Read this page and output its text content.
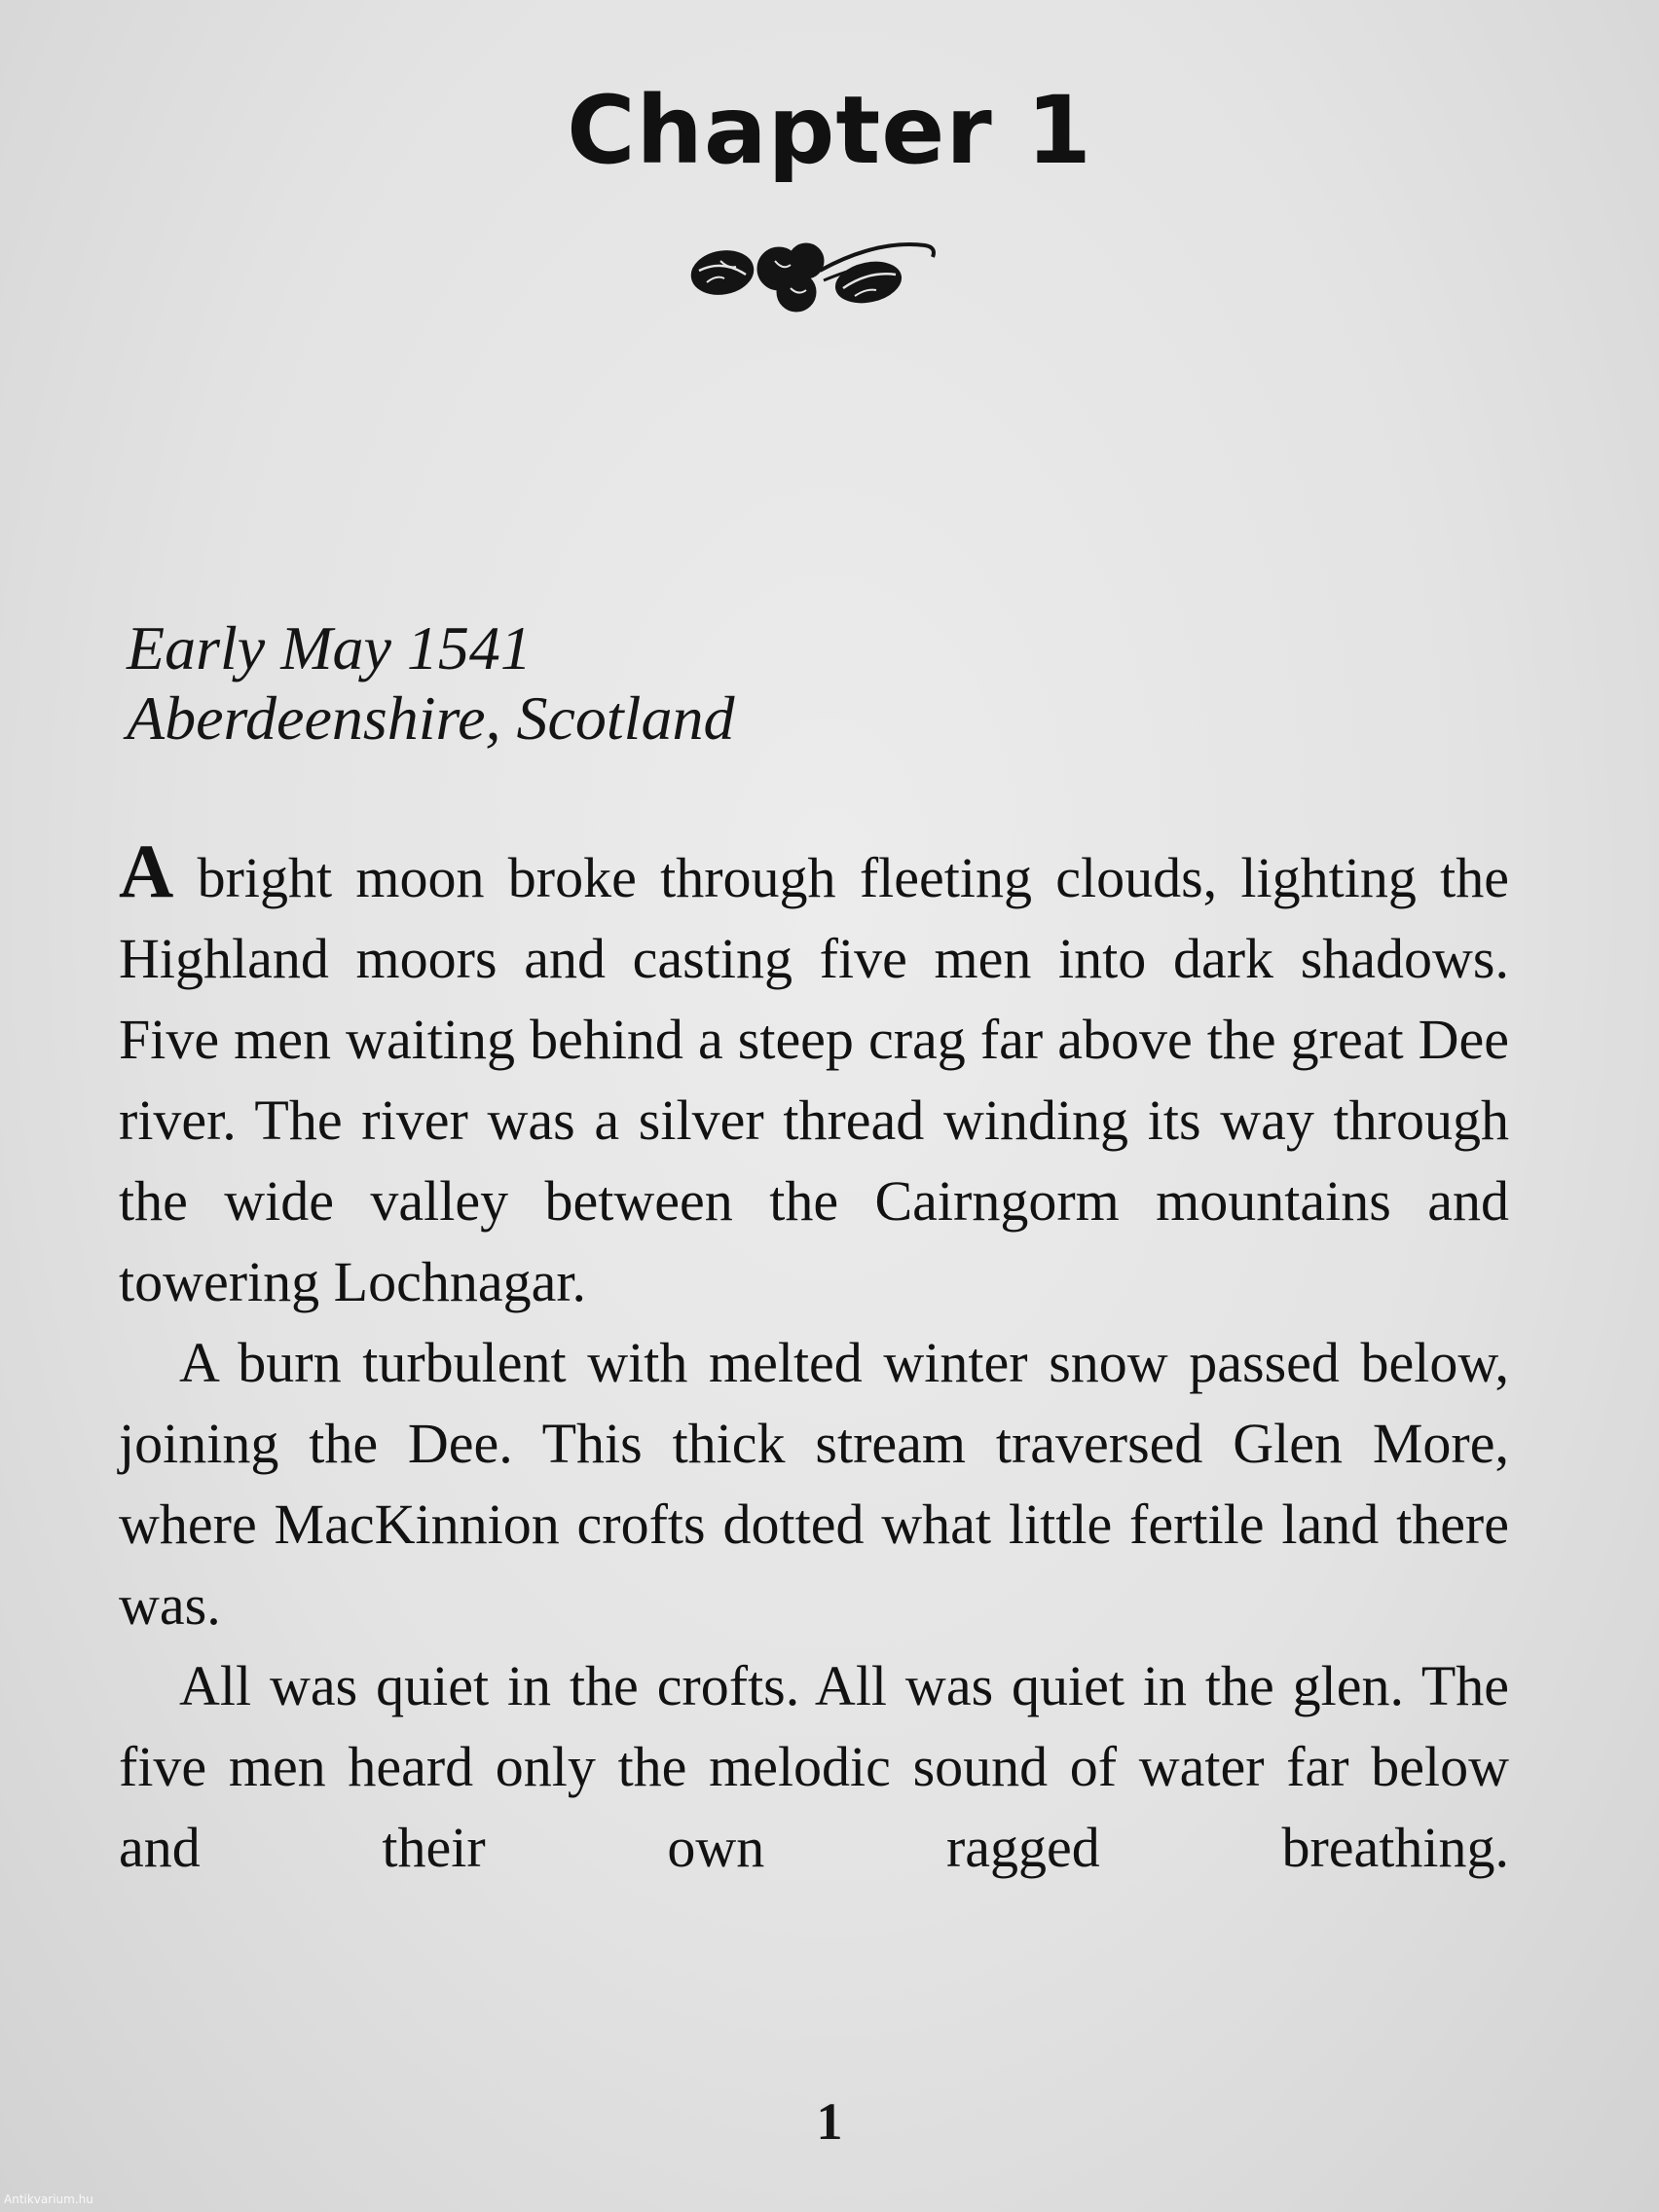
Chapter 1
Early May 1541
Aberdeenshire, Scotland

A bright moon broke through fleeting clouds, lighting the Highland moors and casting five men into dark shadows. Five men waiting behind a steep crag far above the great Dee river. The river was a silver thread winding its way through the wide valley between the Cairngorm mountains and towering Lochnagar.

A burn turbulent with melted winter snow passed below, joining the Dee. This thick stream traversed Glen More, where MacKinnion crofts dotted what little fertile land there was.

All was quiet in the crofts. All was quiet in the glen. The five men heard only the melodic sound of water far below and their own ragged breathing.

1
Antikvarium.hu
